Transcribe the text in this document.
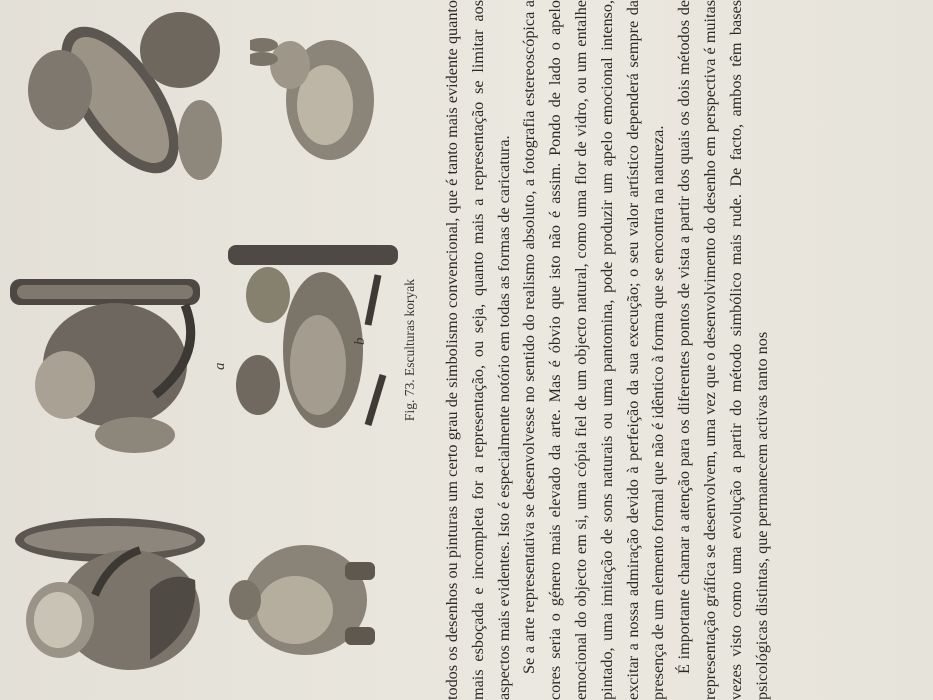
a
b	Fig. 73. Esculturas koryak todos os desenhos ou pinturas um certo grau de simbolismo convencional, que é tanto mais evidente quanto mais esboçada e incompleta for a representação, ou seja, quanto mais a representação se limitar aos aspectos mais evidentes. Isto é especialmente notório em todas as formas de caricatura. Se a arte representativa se desenvolvesse no sentido do realismo absoluto, a fotografia estereoscópica a cores seria o género mais elevado da arte. Mas é óbvio que isto não é assim. Pondo de lado o apelo emocional do objecto em si, uma cópia fiel de um objecto natural, como uma flor de vidro, ou um entalhe pintado, uma imitação de sons naturais ou uma pantomina, pode produzir um apelo emocional intenso, excitar a nossa admiração devido à perfeição da sua execução; o seu valor artístico dependerá sempre da presença de um elemento formal que não é idêntico à forma que se encontra na natureza. É importante chamar a atenção para os diferentes pontos de vista a partir dos quais os dois métodos de representação gráfica se desenvolvem, uma vez que o desenvolvimento do desenho em perspectiva é muitas vezes visto como uma evolução a partir do método simbólico mais rude. De facto, ambos têm bases psicológicas distintas, que permanecem activas tanto nos
